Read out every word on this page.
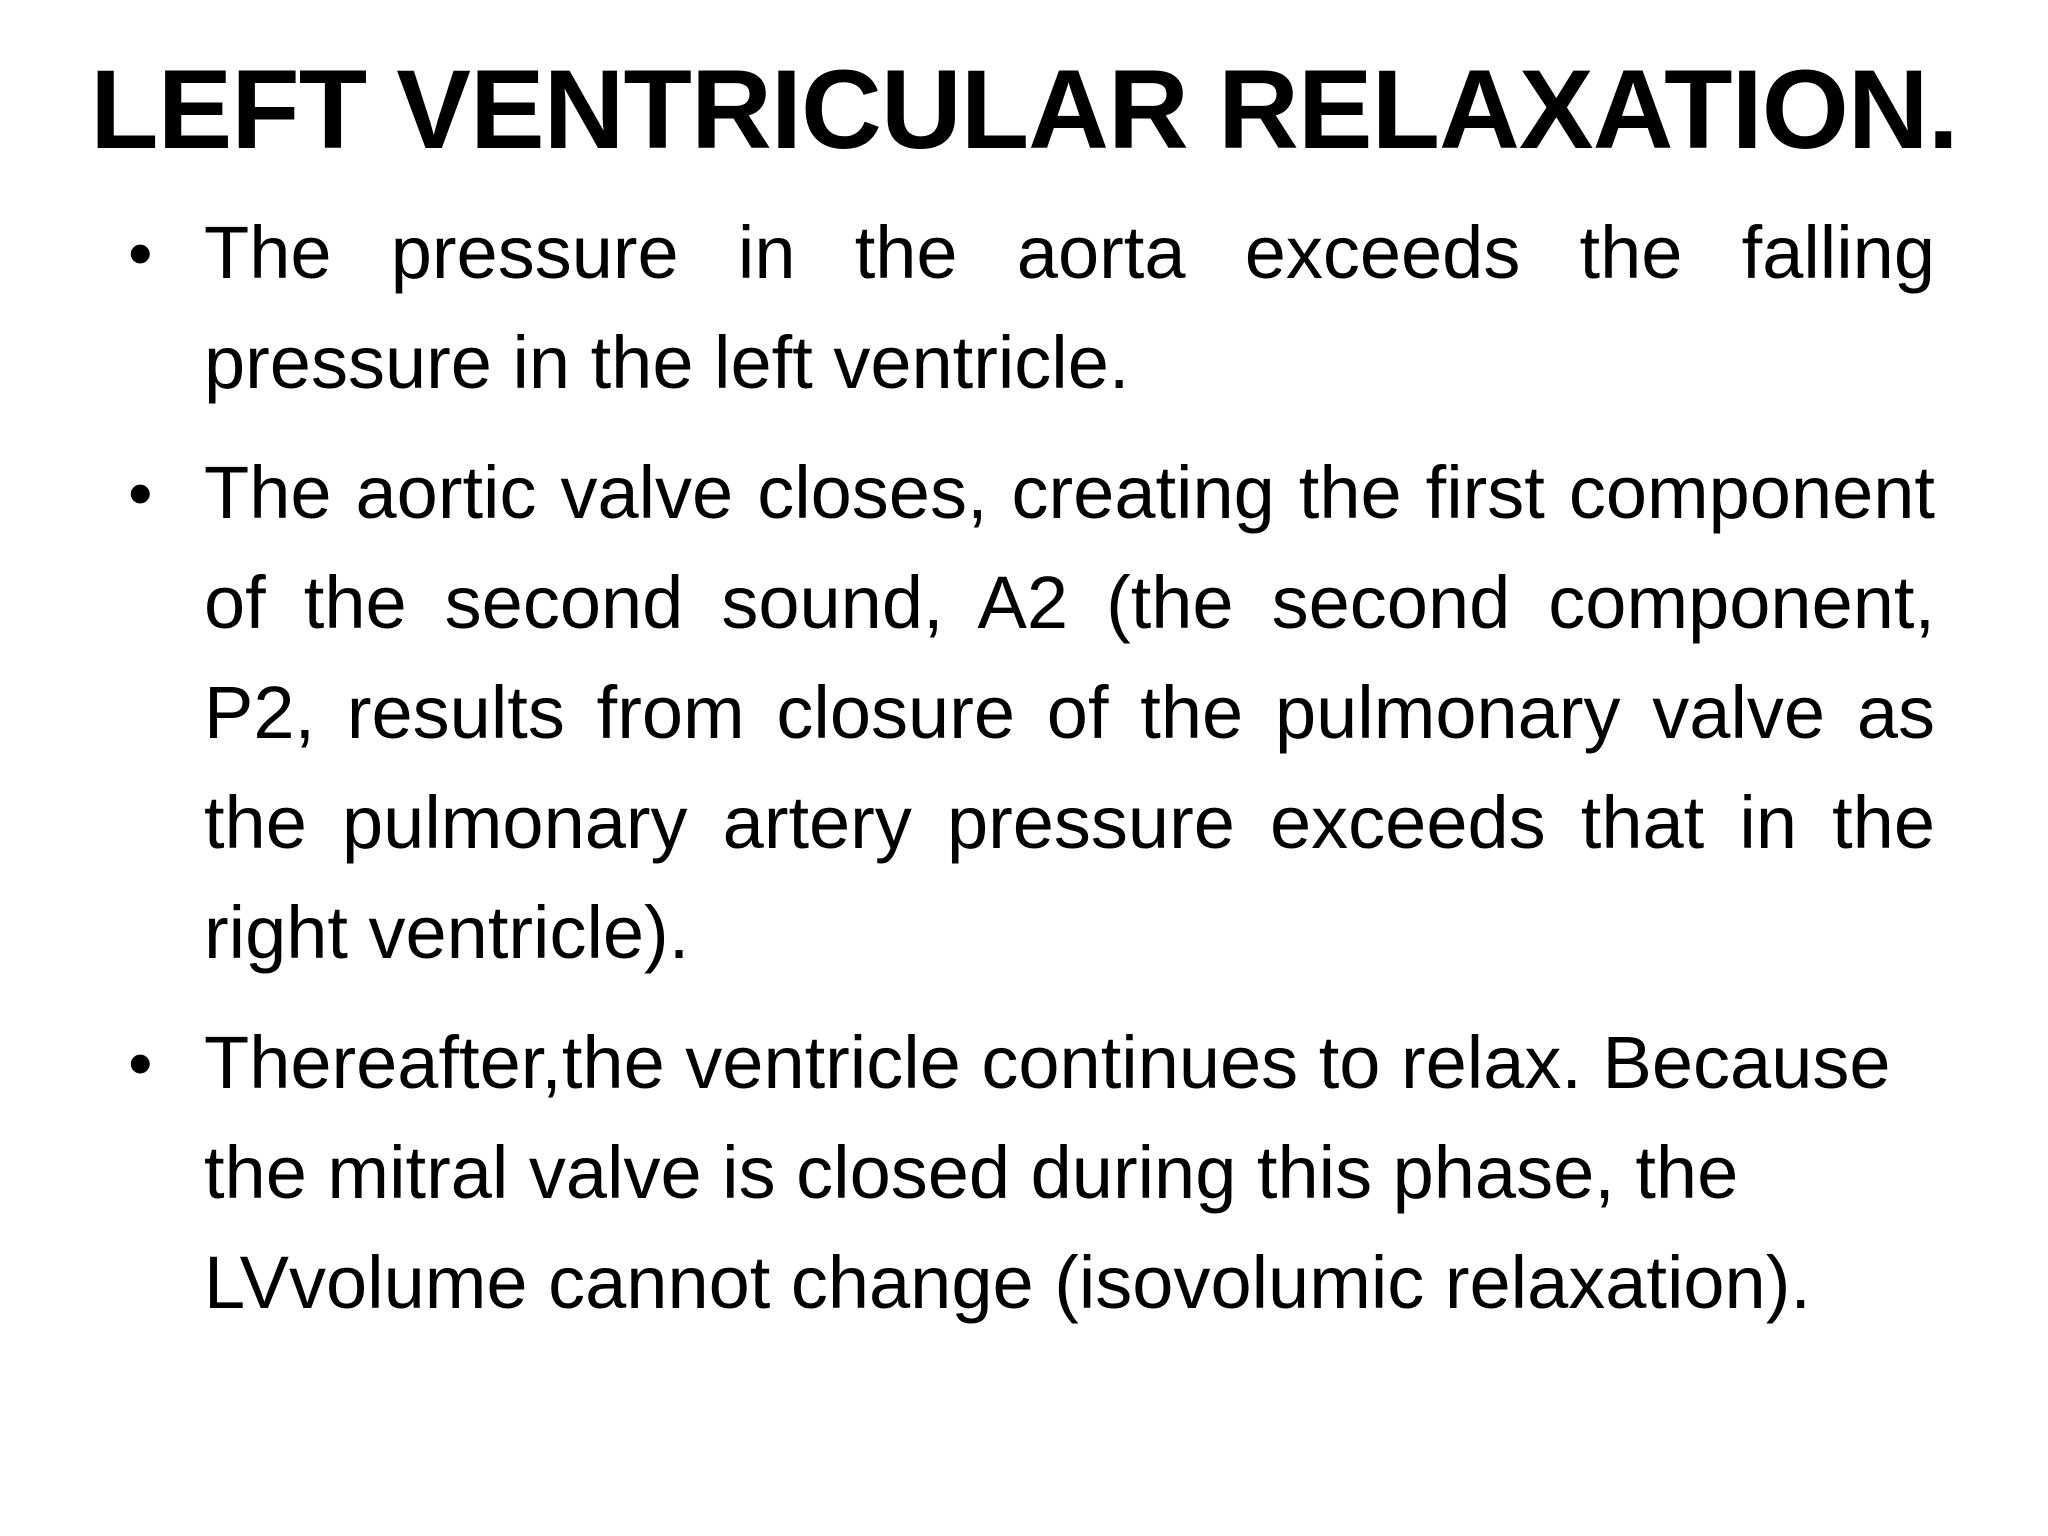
LEFT VENTRICULAR RELAXATION.
• The pressure in the aorta exceeds the falling pressure in the left ventricle.
• The aortic valve closes, creating the first component of the second sound, A2 (the second component, P2, results from closure of the pulmonary valve as the pulmonary artery pressure exceeds that in the right ventricle).
• Thereafter,the ventricle continues to relax. Because the mitral valve is closed during this phase, the LVvolume cannot change (isovolumic relaxation).
